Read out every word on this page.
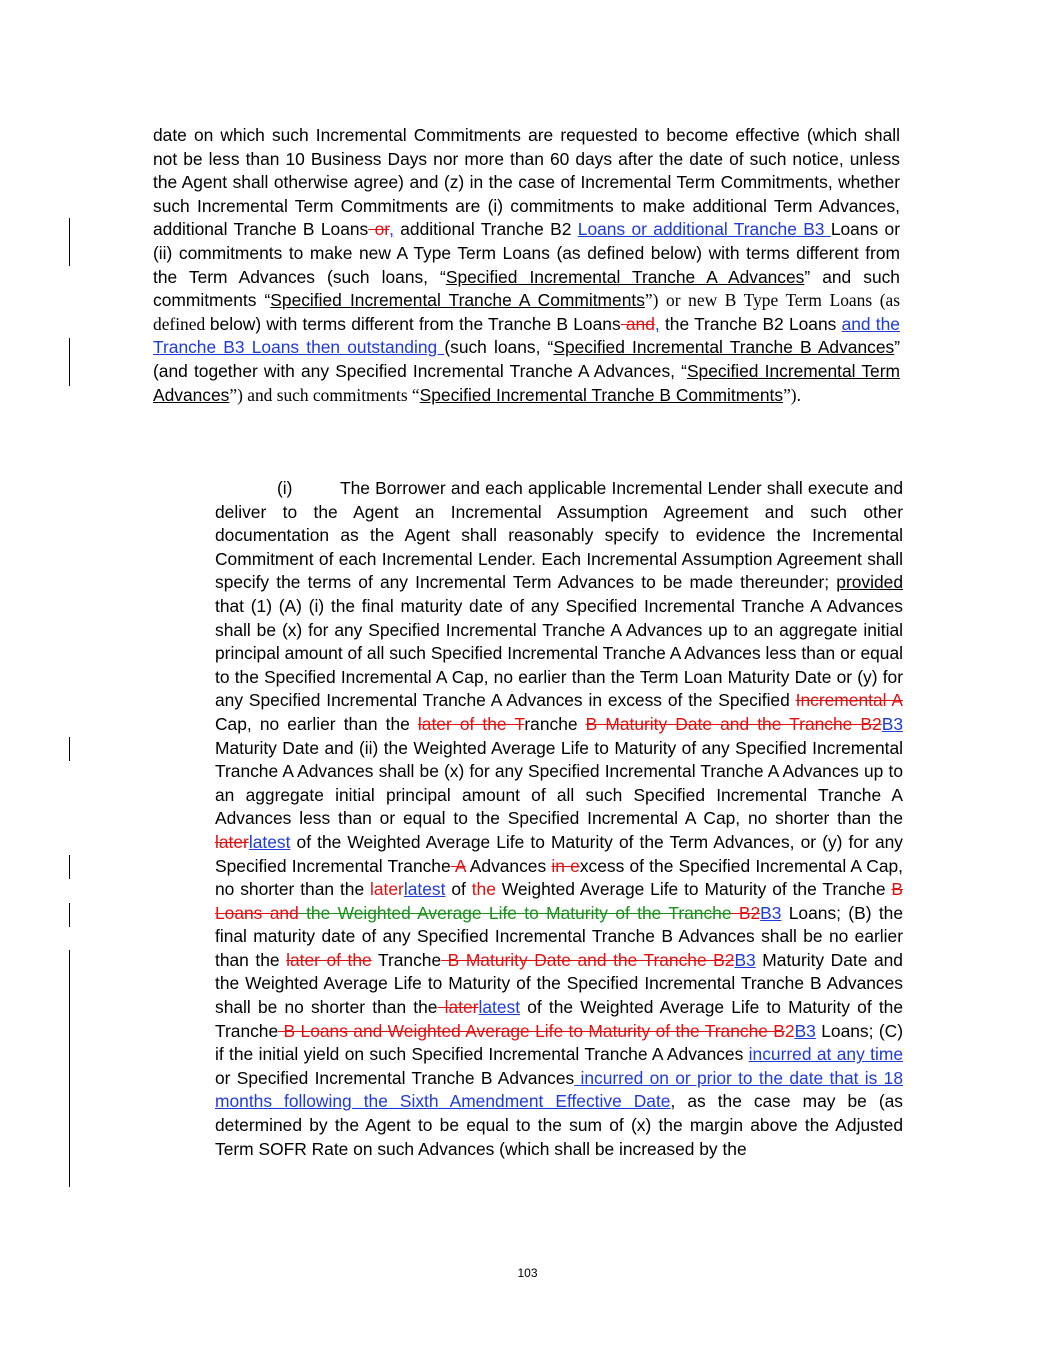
date on which such Incremental Commitments are requested to become effective (which shall not be less than 10 Business Days nor more than 60 days after the date of such notice, unless the Agent shall otherwise agree) and (z) in the case of Incremental Term Commitments, whether such Incremental Term Commitments are (i) commitments to make additional Term Advances, additional Tranche B Loans or, additional Tranche B2 Loans or additional Tranche B3 Loans or (ii) commitments to make new A Type Term Loans (as defined below) with terms different from the Term Advances (such loans, “Specified Incremental Tranche A Advances” and such commitments “Specified Incremental Tranche A Commitments”) or new B Type Term Loans (as defined below) with terms different from the Tranche B Loans and, the Tranche B2 Loans and the Tranche B3 Loans then outstanding (such loans, “Specified Incremental Tranche B Advances” (and together with any Specified Incremental Tranche A Advances, “Specified Incremental Term Advances”) and such commitments “Specified Incremental Tranche B Commitments”).

(i)	The Borrower and each applicable Incremental Lender shall execute and deliver to the Agent an Incremental Assumption Agreement and such other documentation as the Agent shall reasonably specify to evidence the Incremental Commitment of each Incremental Lender. Each Incremental Assumption Agreement shall specify the terms of any Incremental Term Advances to be made thereunder; provided that (1) (A) (i) the final maturity date of any Specified Incremental Tranche A Advances shall be (x) for any Specified Incremental Tranche A Advances up to an aggregate initial principal amount of all such Specified Incremental Tranche A Advances less than or equal to the Specified Incremental A Cap, no earlier than the Term Loan Maturity Date or (y) for any Specified Incremental Tranche A Advances in excess of the Specified Incremental A Cap, no earlier than the later of the Tranche B Maturity Date and the Tranche B2B3 Maturity Date and (ii) the Weighted Average Life to Maturity of any Specified Incremental Tranche A Advances shall be (x) for any Specified Incremental Tranche A Advances up to an aggregate initial principal amount of all such Specified Incremental Tranche A Advances less than or equal to the Specified Incremental A Cap, no shorter than the laterlatest of the Weighted Average Life to Maturity of the Term Advances, or (y) for any Specified Incremental Tranche A Advances in excess of the Specified Incremental A Cap, no shorter than the laterlatest of the Weighted Average Life to Maturity of the Tranche B Loans and the Weighted Average Life to Maturity of the Tranche B2B3 Loans; (B) the final maturity date of any Specified Incremental Tranche B Advances shall be no earlier than the later of the Tranche B Maturity Date and the Tranche B2B3 Maturity Date and the Weighted Average Life to Maturity of the Specified Incremental Tranche B Advances shall be no shorter than the laterlatest of the Weighted Average Life to Maturity of the Tranche B Loans and Weighted Average Life to Maturity of the Tranche B2B3 Loans; (C) if the initial yield on such Specified Incremental Tranche A Advances incurred at any time or Specified Incremental Tranche B Advances incurred on or prior to the date that is 18 months following the Sixth Amendment Effective Date, as the case may be (as determined by the Agent to be equal to the sum of (x) the margin above the Adjusted Term SOFR Rate on such Advances (which shall be increased by the

103
